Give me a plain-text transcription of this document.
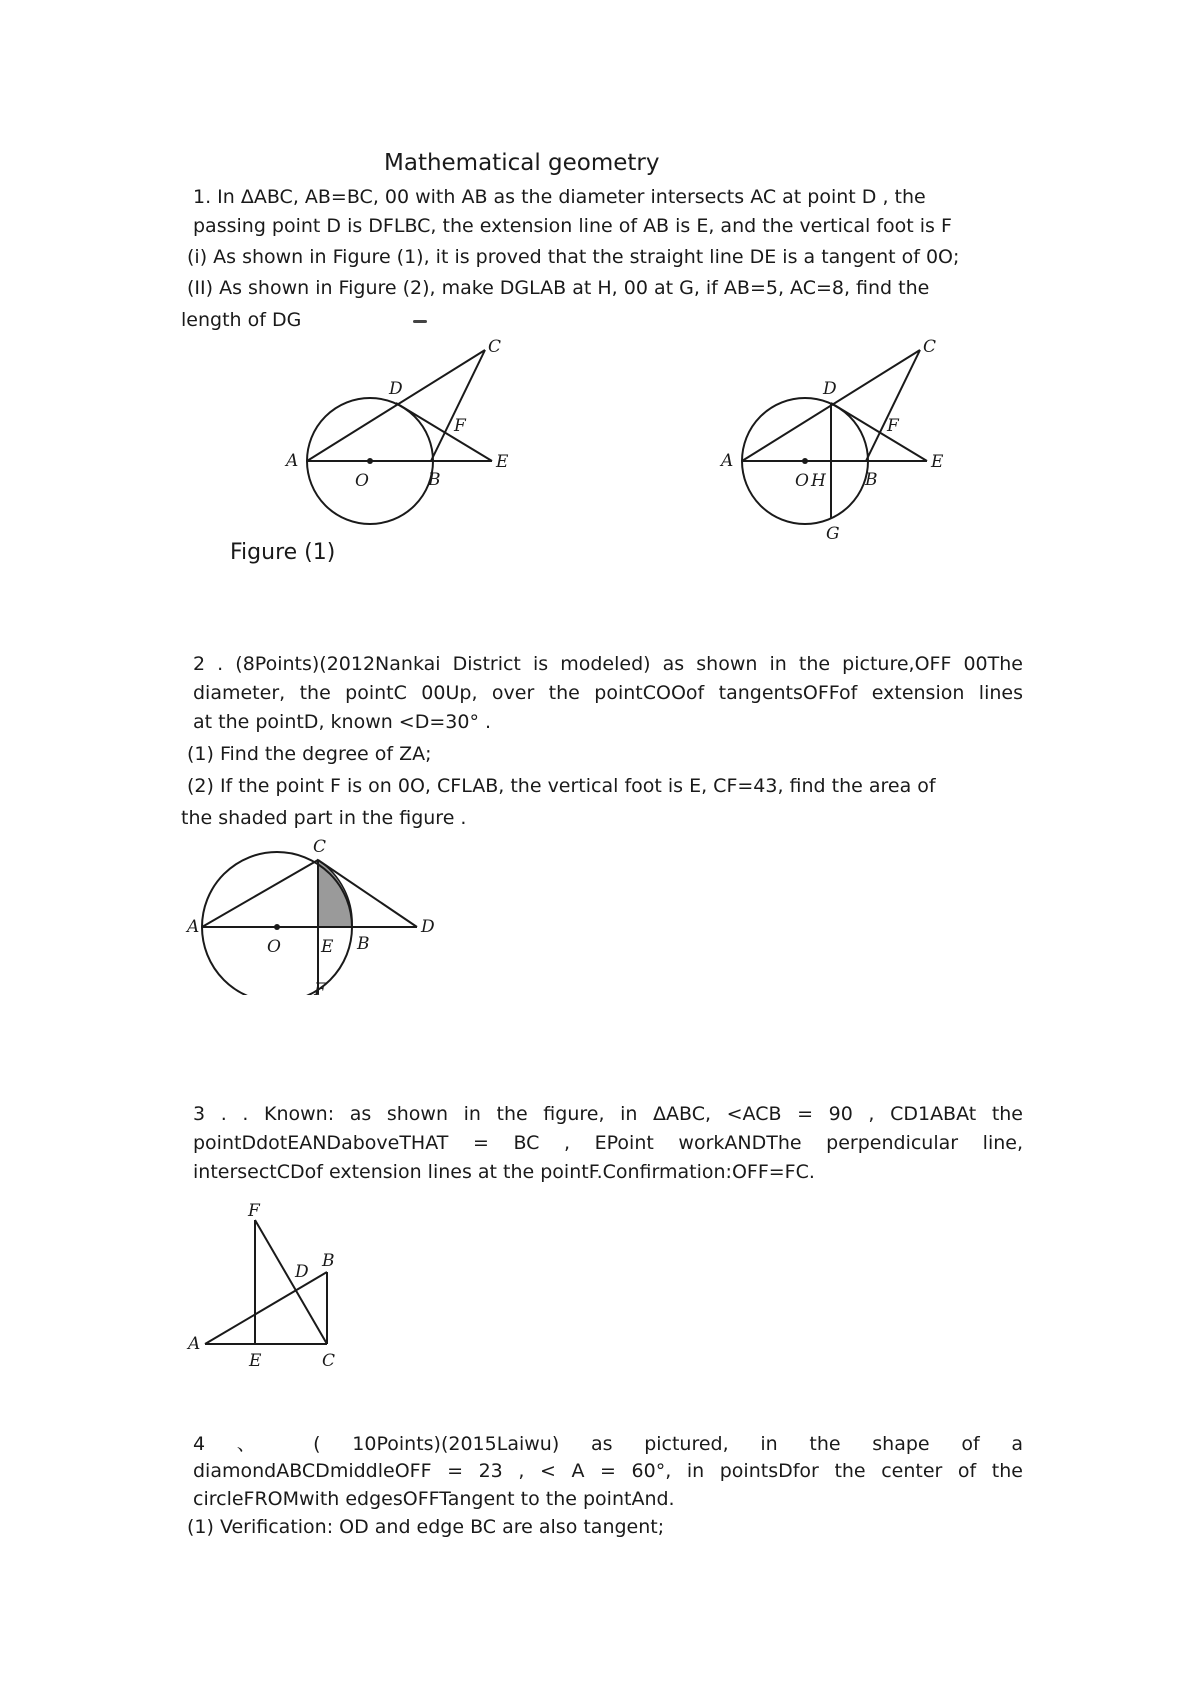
Mathematical geometry
1. In ΔABC, AB=BC, 00 with AB as the diameter intersects AC at point D , the
passing point D is DFLBC, the extension line of AB is E, and the vertical foot is F
(i) As shown in Figure (1), it is proved that the straight line DE is a tangent of 0O;
(II) As shown in Figure (2), make DGLAB at H, 00 at G, if AB=5, AC=8, find the
length of DG
A
O	B
E
C
D
F
A
O H B
E
C
D
F
G
Figure (1)
2 . (8Points)(2012Nankai District is modeled) as shown in the picture,OFF 00The
diameter, the pointC 00Up, over the pointCOOof tangentsOFFof extension lines
at the pointD, known <D=30° .
(1) Find the degree of ZA;
(2) If the point F is on 0O, CFLAB, the vertical foot is E, CF=43, find the area of
the shaded part in the figure .
A
O E B
D
C
F
3 . . Known: as shown in the figure, in ΔABC, <ACB = 90 , CD1ABAt the
pointDdotEANDaboveTHAT = BC , EPoint workANDThe perpendicular line,
intersectCDof extension lines at the pointF.Confirmation:OFF=FC.
F
D
B
A
E	C
4 、 ( 10Points)(2015Laiwu) as pictured, in the shape of a
diamondABCDmiddleOFF = 23 , < A = 60°, in pointsDfor the center of the
circleFROMwith edgesOFFTangent to the pointAnd.
(1) Verification: OD and edge BC are also tangent;
